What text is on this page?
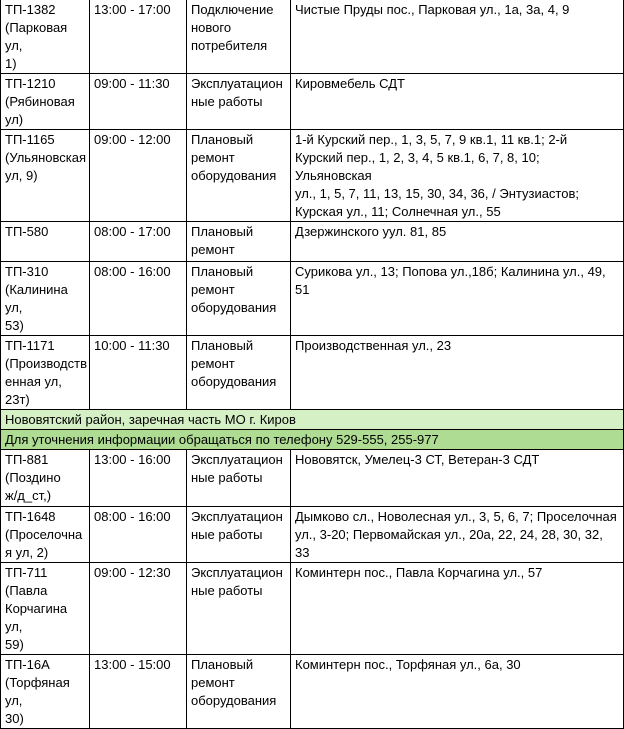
ТП-1382
(Парковая ул,
1)	13:00 - 17:00	Подключение
нового
потребителя	Чистые Пруды пос., Парковая ул., 1а, 3а, 4, 9
ТП-1210
(Рябиновая
ул)	09:00 - 11:30	Эксплуатацион
ные работы	Кировмебель СДТ
ТП-1165
(Ульяновская
ул, 9)	09:00 - 12:00	Плановый
ремонт
оборудования	1-й Курский пер., 1, 3, 5, 7, 9 кв.1, 11 кв.1; 2-й
Курский пер., 1, 2, 3, 4, 5 кв.1, 6, 7, 8, 10; Ульяновская
ул., 1, 5, 7, 11, 13, 15, 30, 34, 36, / Энтузиастов;
Курская ул., 11; Солнечная ул., 55
ТП-580	08:00 - 17:00	Плановый
ремонт	Дзержинского уул. 81, 85
ТП-310
(Калинина ул,
53)	08:00 - 16:00	Плановый
ремонт
оборудования	Сурикова ул., 13; Попова ул.,18б; Калинина ул., 49,
51
ТП-1171
(Производств
енная ул, 23т)	10:00 - 11:30	Плановый
ремонт
оборудования	Производственная ул., 23
Нововятский район, заречная часть МО г. Киров			
Для уточнения информации обращаться по телефону 529-555, 255-977			
ТП-881
(Поздино
ж/д_ст,)	13:00 - 16:00	Эксплуатацион
ные работы	Нововятск, Умелец-3 СТ, Ветеран-3 СДТ
ТП-1648
(Проселочна
я ул, 2)	08:00 - 16:00	Эксплуатацион
ные работы	Дымково сл., Новолесная ул., 3, 5, 6, 7; Проселочная
ул., 3-20; Первомайская ул., 20а, 22, 24, 28, 30, 32, 33
ТП-711
(Павла
Корчагина ул,
59)	09:00 - 12:30	Эксплуатацион
ные работы	Коминтерн пос., Павла Корчагина ул., 57
ТП-16А
(Торфяная ул,
30)	13:00 - 15:00	Плановый
ремонт
оборудования	Коминтерн пос., Торфяная ул., 6а, 30
